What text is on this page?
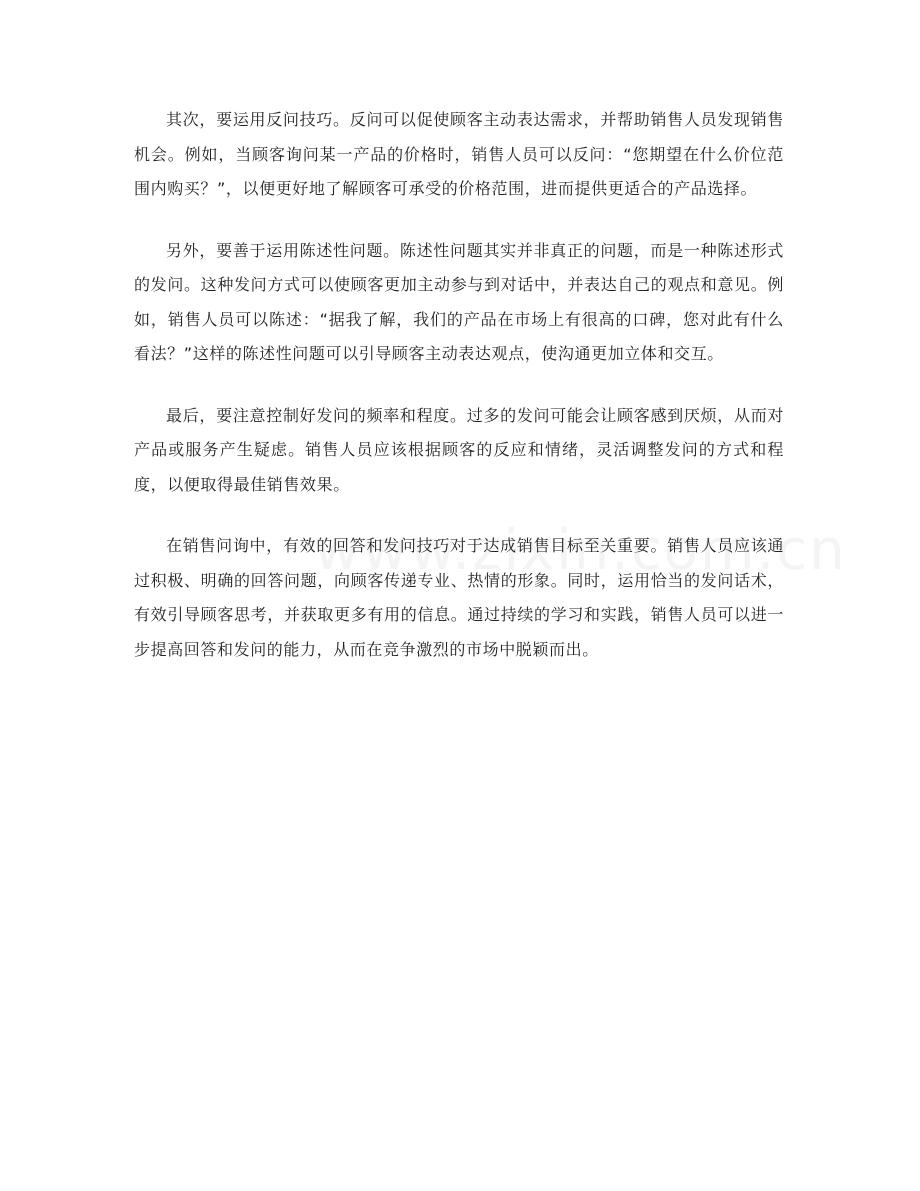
其次，要运用反问技巧。反问可以促使顾客主动表达需求，并帮助销售人员发现销售机会。例如，当顾客询问某一产品的价格时，销售人员可以反问：“您期望在什么价位范围内购买？”，以便更好地了解顾客可承受的价格范围，进而提供更适合的产品选择。

另外，要善于运用陈述性问题。陈述性问题其实并非真正的问题，而是一种陈述形式的发问。这种发问方式可以使顾客更加主动参与到对话中，并表达自己的观点和意见。例如，销售人员可以陈述：“据我了解，我们的产品在市场上有很高的口碑，您对此有什么看法？”这样的陈述性问题可以引导顾客主动表达观点，使沟通更加立体和交互。

最后，要注意控制好发问的频率和程度。过多的发问可能会让顾客感到厌烦，从而对产品或服务产生疑虑。销售人员应该根据顾客的反应和情绪，灵活调整发问的方式和程度，以便取得最佳销售效果。

在销售问询中，有效的回答和发问技巧对于达成销售目标至关重要。销售人员应该通过积极、明确的回答问题，向顾客传递专业、热情的形象。同时，运用恰当的发问话术，有效引导顾客思考，并获取更多有用的信息。通过持续的学习和实践，销售人员可以进一步提高回答和发问的能力，从而在竞争激烈的市场中脱颖而出。
